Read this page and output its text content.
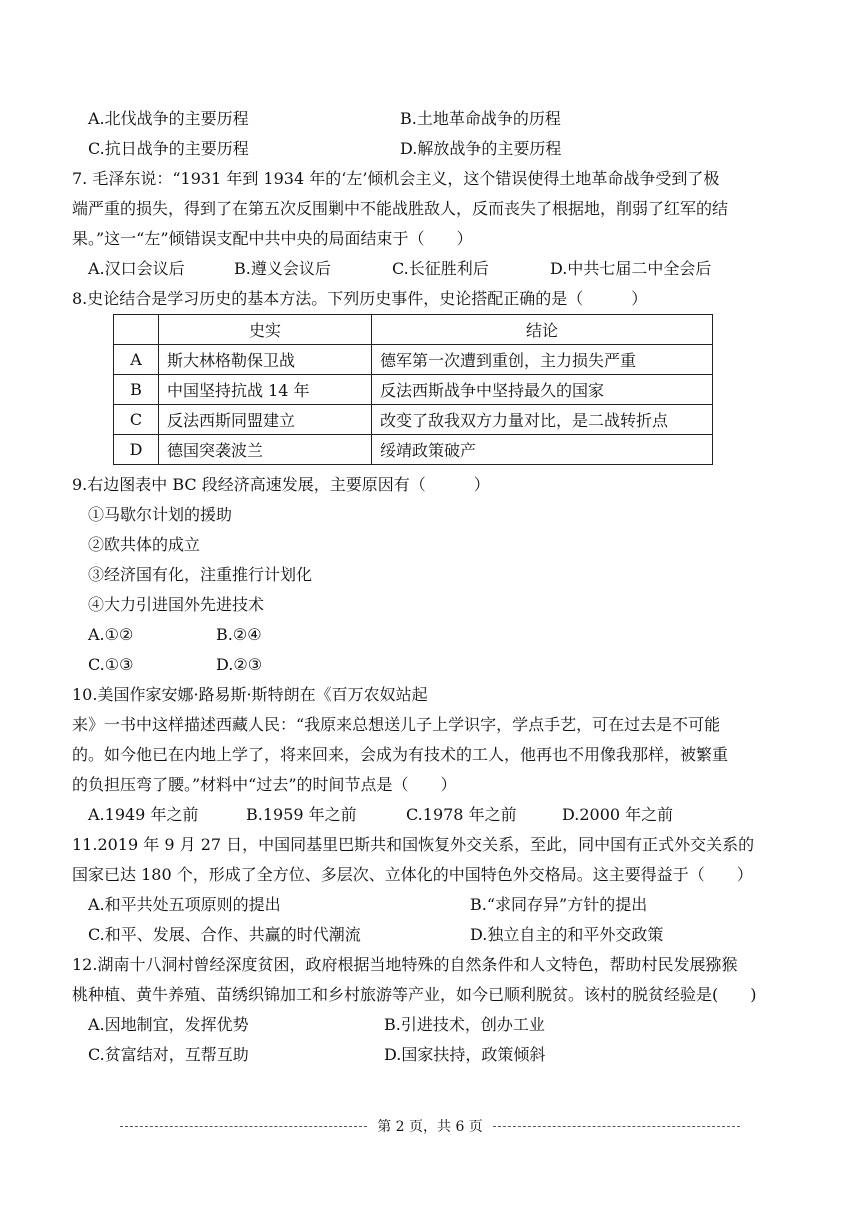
A.北伐战争的主要历程	B.土地革命战争的历程
C.抗日战争的主要历程	D.解放战争的主要历程
7. 毛泽东说：“1931 年到 1934 年的‘左’倾机会主义，这个错误使得土地革命战争受到了极
端严重的损失，得到了在第五次反围剿中不能战胜敌人，反而丧失了根据地，削弱了红军的结
果。”这一“左”倾错误支配中共中央的局面结束于（　　）
A.汉口会议后	B.遵义会议后	C.长征胜利后	D.中共七届二中全会后
8.史论结合是学习历史的基本方法。下列历史事件，史论搭配正确的是（　　　）
	史实	结论
A	斯大林格勒保卫战	德军第一次遭到重创，主力损失严重
B	中国坚持抗战 14 年	反法西斯战争中坚持最久的国家
C	反法西斯同盟建立	改变了敌我双方力量对比，是二战转折点
D	德国突袭波兰	绥靖政策破产
9.右边图表中 BC 段经济高速发展，主要原因有（　　　）
①马歇尔计划的援助
②欧共体的成立
③经济国有化，注重推行计划化
④大力引进国外先进技术
A.①②	B.②④
C.①③	D.②③
10.美国作家安娜·路易斯·斯特朗在《百万农奴站起
来》一书中这样描述西藏人民：“我原来总想送儿子上学识字，学点手艺，可在过去是不可能
的。如今他已在内地上学了，将来回来，会成为有技术的工人，他再也不用像我那样，被繁重
的负担压弯了腰。”材料中“过去”的时间节点是（　　）
A.1949 年之前	B.1959 年之前	C.1978 年之前	D.2000 年之前
11.2019 年 9 月 27 日，中国同基里巴斯共和国恢复外交关系，至此，同中国有正式外交关系的
国家已达 180 个，形成了全方位、多层次、立体化的中国特色外交格局。这主要得益于（　　）
A.和平共处五项原则的提出	B.“求同存异”方针的提出
C.和平、发展、合作、共赢的时代潮流	D.独立自主的和平外交政策
12.湖南十八洞村曾经深度贫困，政府根据当地特殊的自然条件和人文特色，帮助村民发展猕猴
桃种植、黄牛养殖、苗绣织锦加工和乡村旅游等产业，如今已顺利脱贫。该村的脱贫经验是(　　)
A.因地制宜，发挥优势	B.引进技术，创办工业
C.贫富结对，互帮互助	D.国家扶持，政策倾斜
第 2 页，共 6 页
